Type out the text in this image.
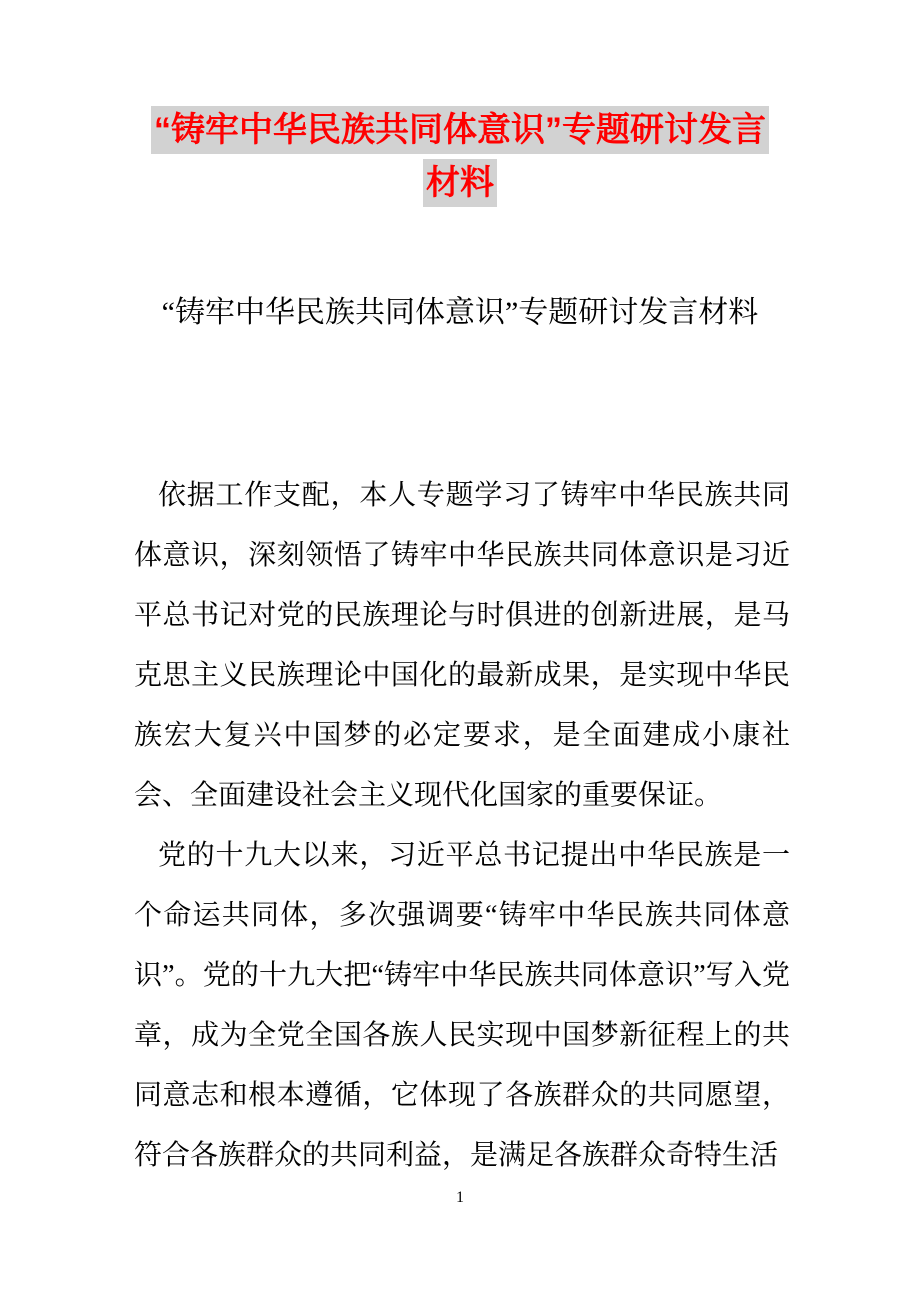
“铸牢中华民族共同体意识”专题研讨发言
材料
“铸牢中华民族共同体意识”专题研讨发言材料

依据工作支配，本人专题学习了铸牢中华民族共同体意识，深刻领悟了铸牢中华民族共同体意识是习近平总书记对党的民族理论与时俱进的创新进展，是马克思主义民族理论中国化的最新成果，是实现中华民族宏大复兴中国梦的必定要求，是全面建成小康社会、全面建设社会主义现代化国家的重要保证。

党的十九大以来，习近平总书记提出中华民族是一个命运共同体，多次强调要“铸牢中华民族共同体意识”。党的十九大把“铸牢中华民族共同体意识”写入党章，成为全党全国各族人民实现中国梦新征程上的共同意志和根本遵循，它体现了各族群众的共同愿望，符合各族群众的共同利益，是满足各族群众奇特生活

1
